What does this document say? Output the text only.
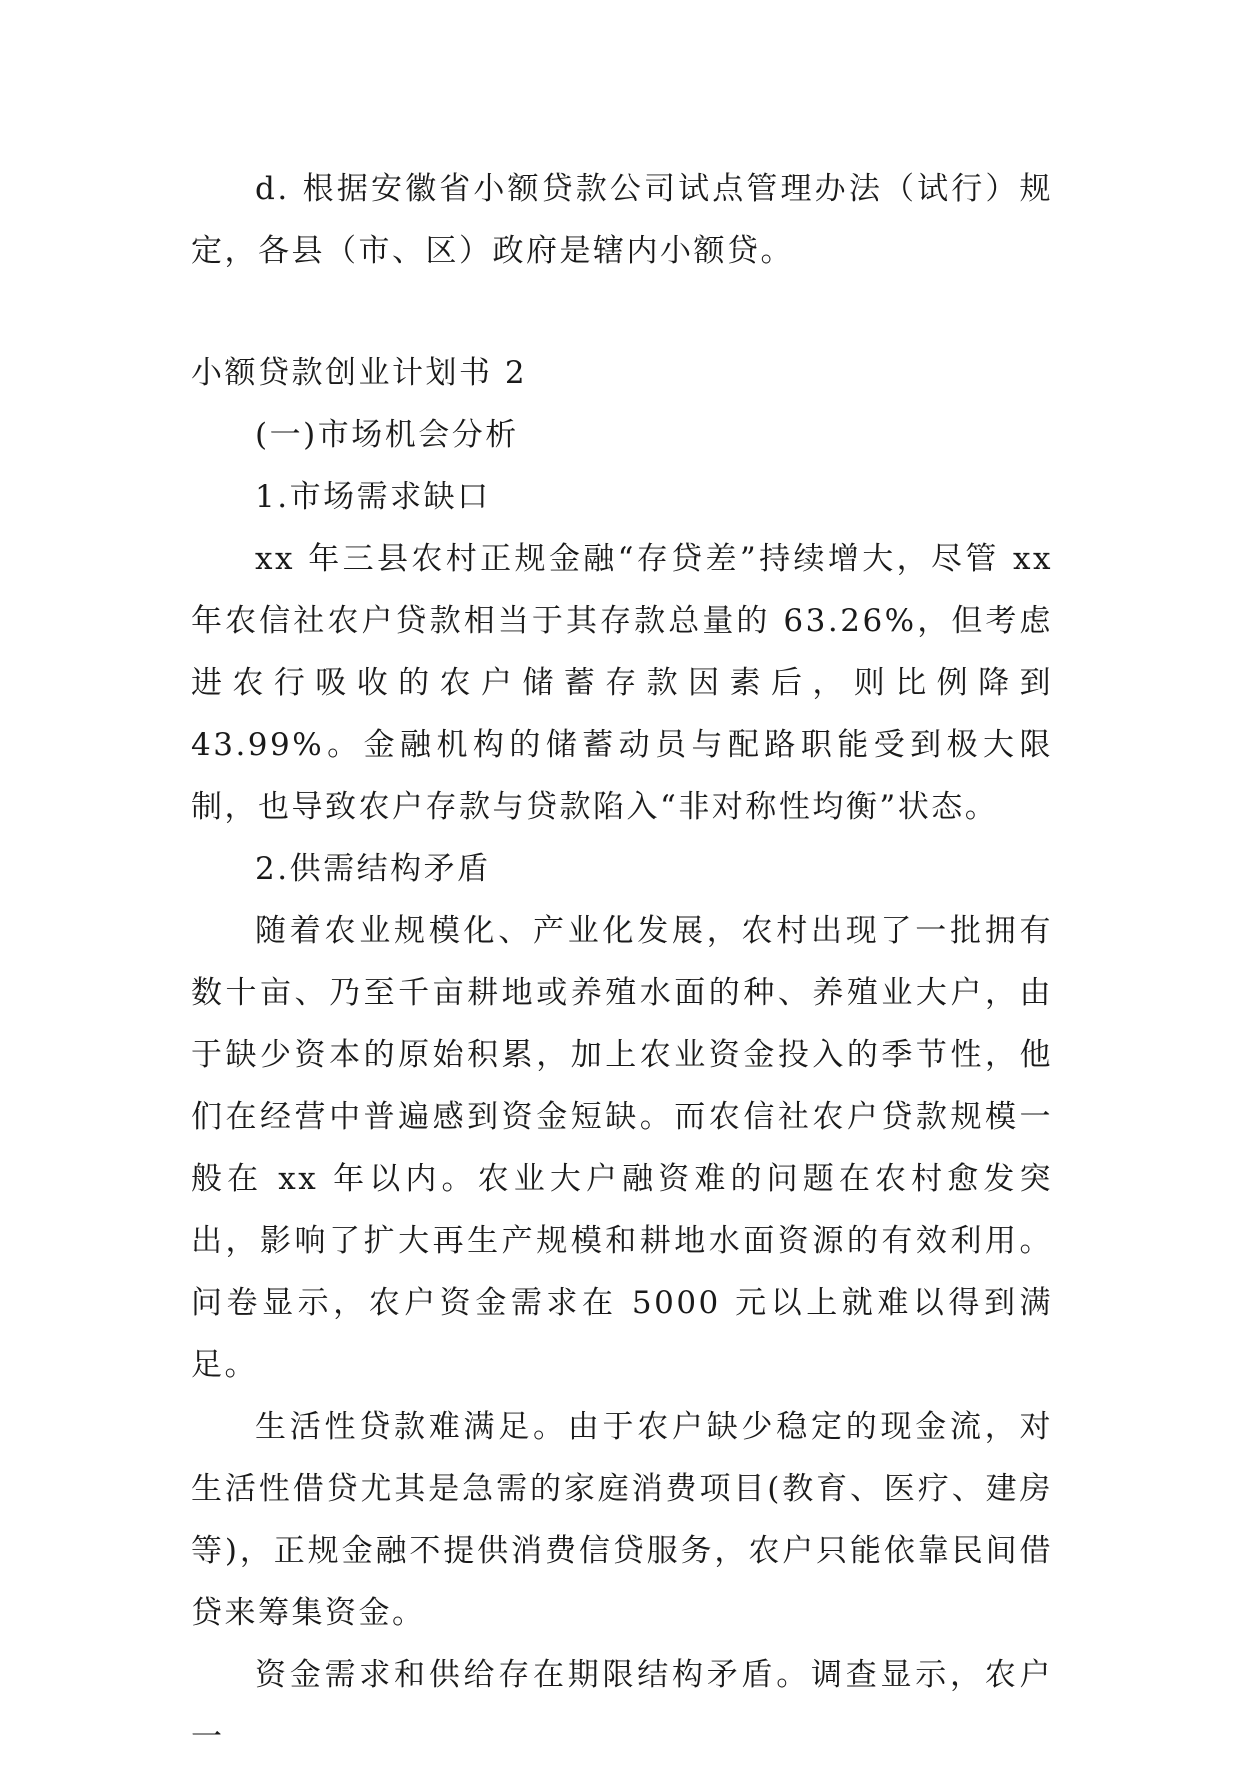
d. 根据安徽省小额贷款公司试点管理办法（试行）规定，各县（市、区）政府是辖内小额贷。

小额贷款创业计划书 2

(一)市场机会分析

1.市场需求缺口

xx 年三县农村正规金融“存贷差”持续增大，尽管 xx 年农信社农户贷款相当于其存款总量的 63.26%，但考虑进农行吸收的农户储蓄存款因素后，则比例降到 43.99%。金融机构的储蓄动员与配路职能受到极大限制，也导致农户存款与贷款陷入“非对称性均衡”状态。

2.供需结构矛盾

随着农业规模化、产业化发展，农村出现了一批拥有数十亩、乃至千亩耕地或养殖水面的种、养殖业大户，由于缺少资本的原始积累，加上农业资金投入的季节性，他们在经营中普遍感到资金短缺。而农信社农户贷款规模一般在 xx 年以内。农业大户融资难的问题在农村愈发突出，影响了扩大再生产规模和耕地水面资源的有效利用。问卷显示，农户资金需求在 5000 元以上就难以得到满足。

生活性贷款难满足。由于农户缺少稳定的现金流，对生活性借贷尤其是急需的家庭消费项目(教育、医疗、建房等)，正规金融不提供消费信贷服务，农户只能依靠民间借贷来筹集资金。

资金需求和供给存在期限结构矛盾。调查显示，农户一
